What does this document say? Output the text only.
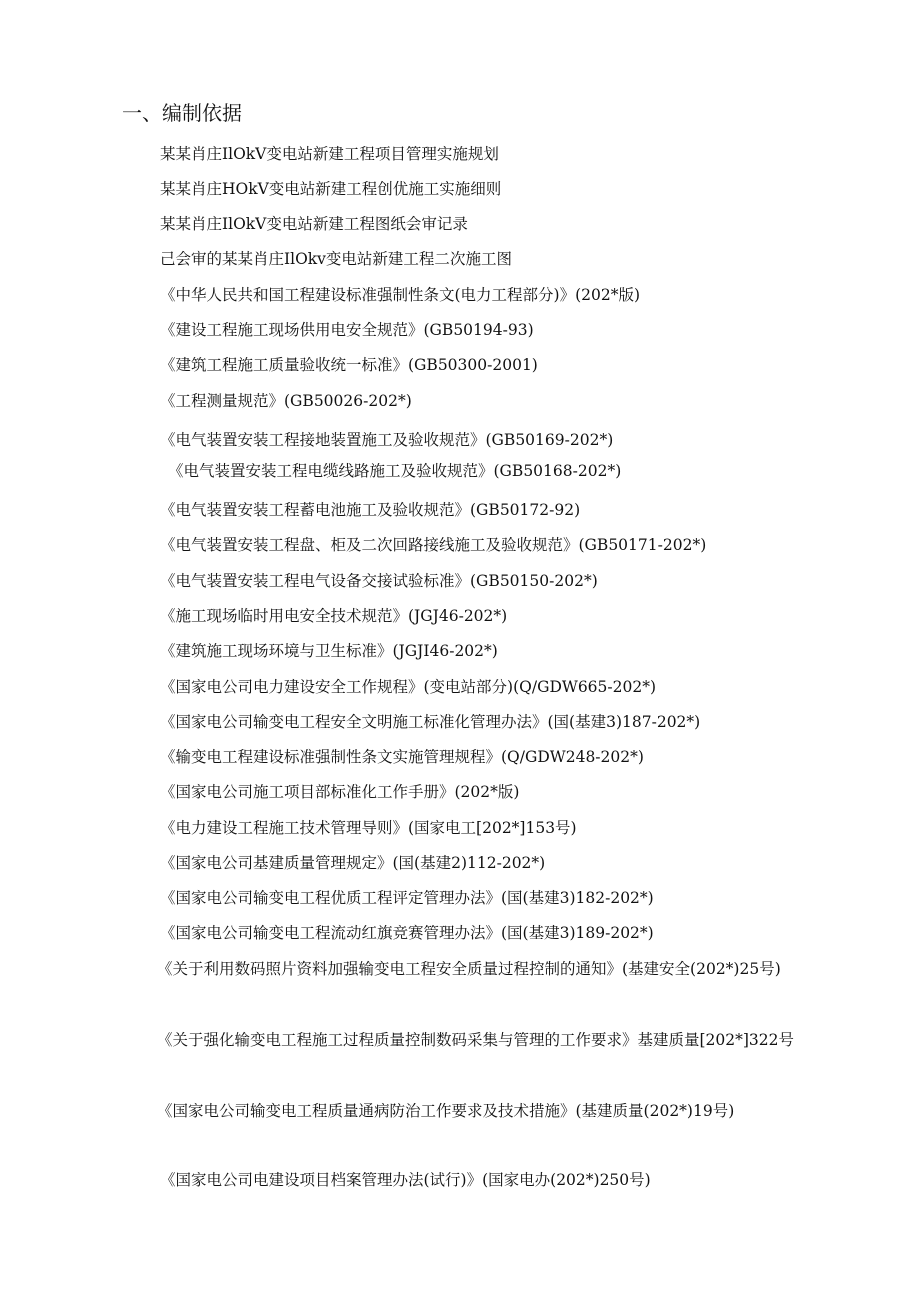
一、编制依据
某某肖庄IlOkV变电站新建工程项目管理实施规划
某某肖庄HOkV变电站新建工程创优施工实施细则
某某肖庄IlOkV变电站新建工程图纸会审记录
己会审的某某肖庄IlOkv变电站新建工程二次施工图
《中华人民共和国工程建设标准强制性条文(电力工程部分)》(202*版)
《建设工程施工现场供用电安全规范》(GB50194-93)
《建筑工程施工质量验收统一标准》(GB50300-2001)
《工程测量规范》(GB50026-202*)
《电气装置安装工程接地装置施工及验收规范》(GB50169-202*)
《电气装置安装工程电缆线路施工及验收规范》(GB50168-202*)
《电气装置安装工程蓄电池施工及验收规范》(GB50172-92)
《电气装置安装工程盘、柜及二次回路接线施工及验收规范》(GB50171-202*)
《电气装置安装工程电气设备交接试验标准》(GB50150-202*)
《施工现场临时用电安全技术规范》(JGJ46-202*)
《建筑施工现场环境与卫生标准》(JGJI46-202*)
《国家电公司电力建设安全工作规程》(变电站部分)(Q/GDW665-202*)
《国家电公司输变电工程安全文明施工标准化管理办法》(国(基建3)187-202*)
《输变电工程建设标准强制性条文实施管理规程》(Q/GDW248-202*)
《国家电公司施工项目部标准化工作手册》(202*版)
《电力建设工程施工技术管理导则》(国家电工[202*]153号)
《国家电公司基建质量管理规定》(国(基建2)112-202*)
《国家电公司输变电工程优质工程评定管理办法》(国(基建3)182-202*)
《国家电公司输变电工程流动红旗竞赛管理办法》(国(基建3)189-202*)
《关于利用数码照片资料加强输变电工程安全质量过程控制的通知》(基建安全(202*)25号)
《关于强化输变电工程施工过程质量控制数码采集与管理的工作要求》基建质量[202*]322号
《国家电公司输变电工程质量通病防治工作要求及技术措施》(基建质量(202*)19号)
《国家电公司电建设项目档案管理办法(试行)》(国家电办(202*)250号)
